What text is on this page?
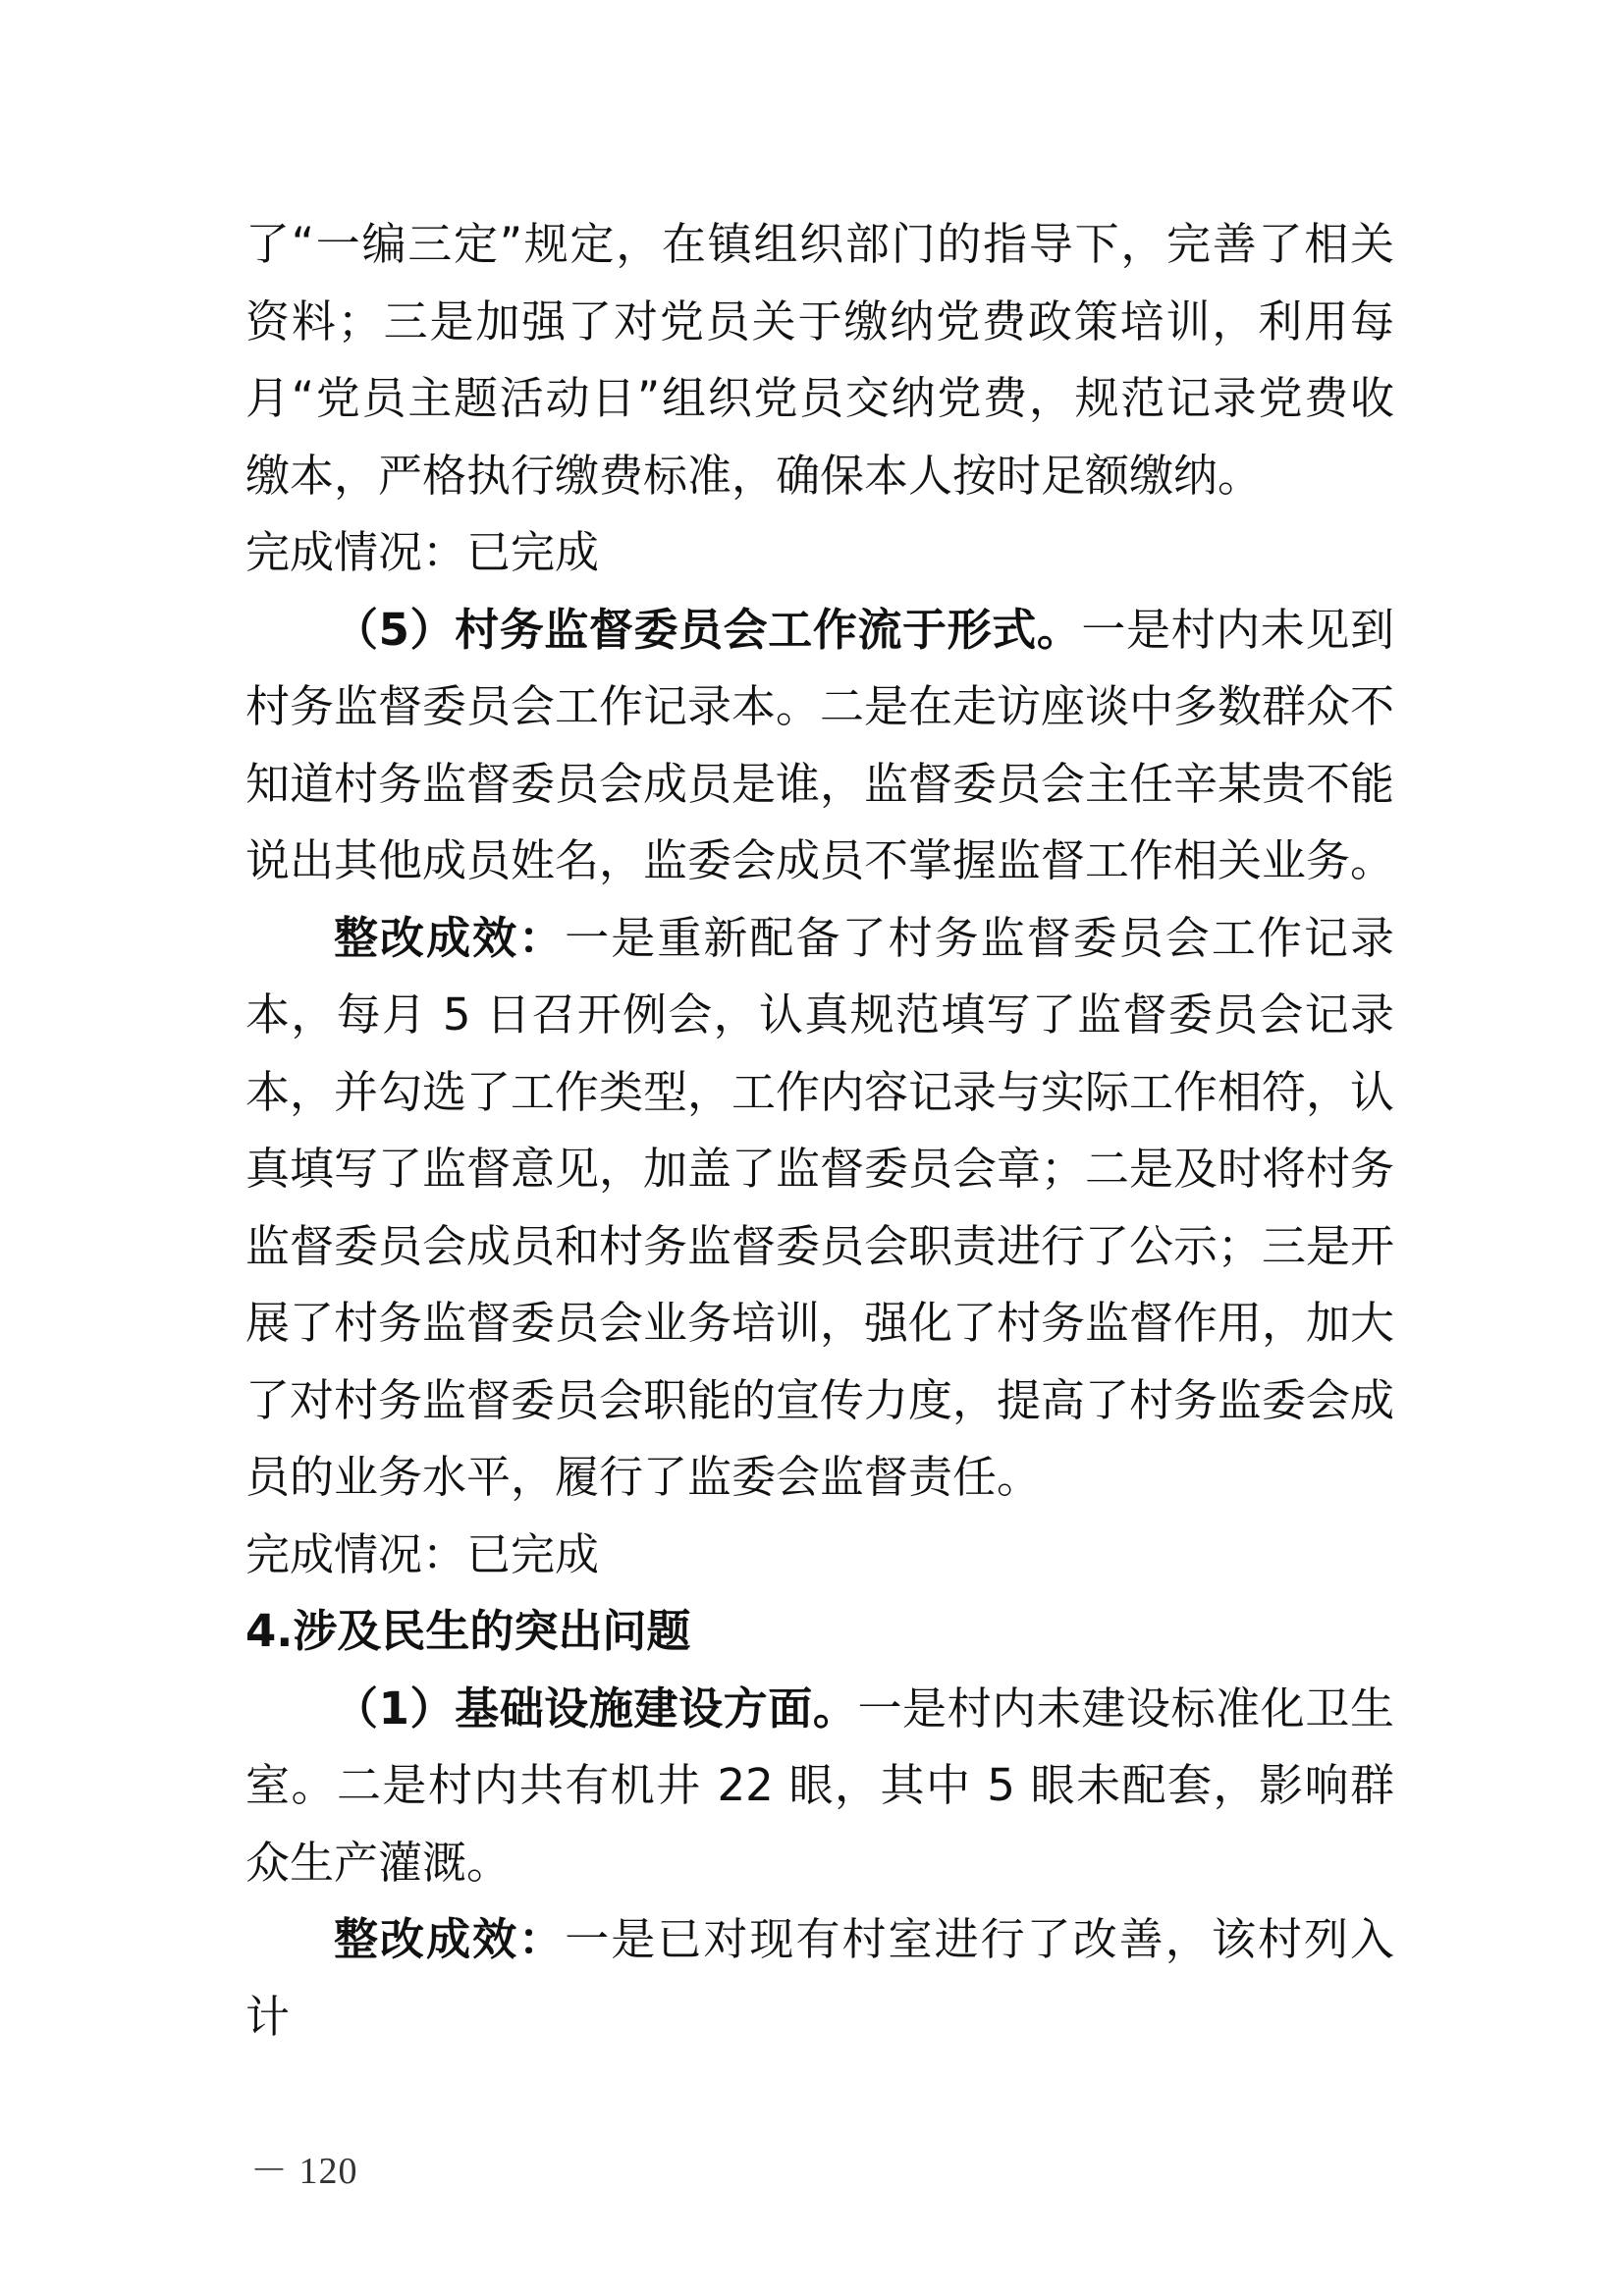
了“一编三定”规定，在镇组织部门的指导下，完善了相关资料；三是加强了对党员关于缴纳党费政策培训，利用每月“党员主题活动日”组织党员交纳党费，规范记录党费收缴本，严格执行缴费标准，确保本人按时足额缴纳。

完成情况：已完成

（5）村务监督委员会工作流于形式。一是村内未见到村务监督委员会工作记录本。二是在走访座谈中多数群众不知道村务监督委员会成员是谁，监督委员会主任辛某贵不能说出其他成员姓名，监委会成员不掌握监督工作相关业务。

整改成效：一是重新配备了村务监督委员会工作记录本，每月 5 日召开例会，认真规范填写了监督委员会记录本，并勾选了工作类型，工作内容记录与实际工作相符，认真填写了监督意见，加盖了监督委员会章；二是及时将村务监督委员会成员和村务监督委员会职责进行了公示；三是开展了村务监督委员会业务培训，强化了村务监督作用，加大了对村务监督委员会职能的宣传力度，提高了村务监委会成员的业务水平，履行了监委会监督责任。

完成情况：已完成

4.涉及民生的突出问题

（1）基础设施建设方面。一是村内未建设标准化卫生室。二是村内共有机井 22 眼，其中 5 眼未配套，影响群众生产灌溉。

整改成效：一是已对现有村室进行了改善，该村列入计

－ 120
